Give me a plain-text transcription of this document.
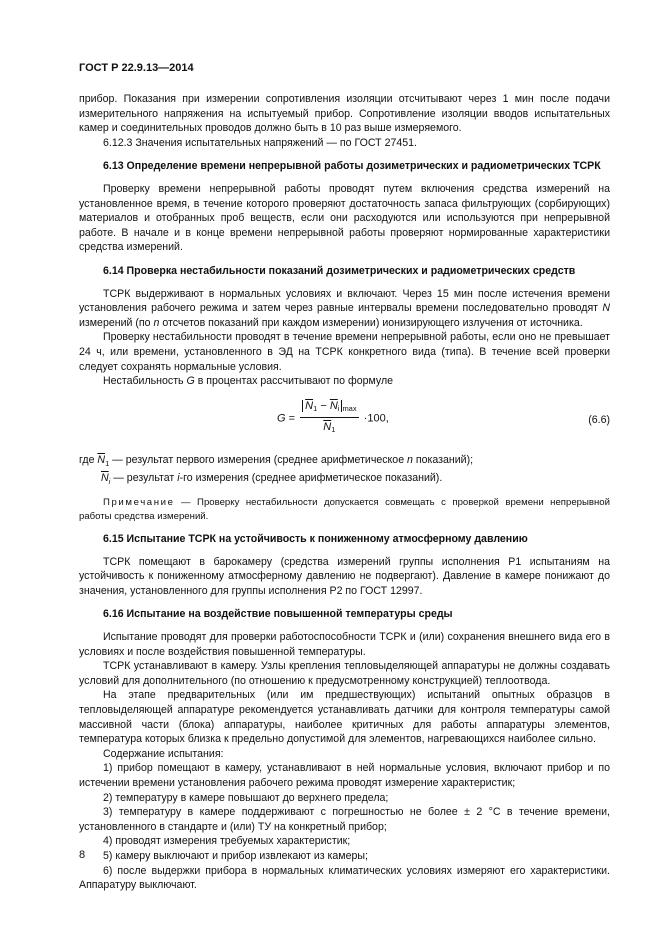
ГОСТ Р 22.9.13—2014

прибор. Показания при измерении сопротивления изоляции отсчитывают через 1 мин после подачи измерительного напряжения на испытуемый прибор. Сопротивление изоляции вводов испытательных камер и соединительных проводов должно быть в 10 раз выше измеряемого.

6.12.3 Значения испытательных напряжений — по ГОСТ 27451.

6.13 Определение времени непрерывной работы дозиметрических и радиометрических ТСРК

Проверку времени непрерывной работы проводят путем включения средства измерений на установленное время, в течение которого проверяют достаточность запаса фильтрующих (сорбирующих) материалов и отобранных проб веществ, если они расходуются или используются при непрерывной работе. В начале и в конце времени непрерывной работы проверяют нормированные характеристики средства измерений.

6.14 Проверка нестабильности показаний дозиметрических и радиометрических средств

ТСРК выдерживают в нормальных условиях и включают. Через 15 мин после истечения времени установления рабочего режима и затем через равные интервалы времени последовательно проводят N измерений (по n отсчетов показаний при каждом измерении) ионизирующего излучения от источника.

Проверку нестабильности проводят в течение времени непрерывной работы, если оно не превышает 24 ч, или времени, установленного в ЭД на ТСРК конкретного вида (типа). В течение всей проверки следует сохранять нормальные условия.

Нестабильность G в процентах рассчитывают по формуле

$G = \frac{\overline{N}_1 - \overline{N}_i _{max}}{\overline{N}_1} \cdot 100$,	(6.6)

где $\overline{N}_1$ — результат первого измерения (среднее арифметическое n показаний);

$\overline{N}_i$ — результат i-го измерения (среднее арифметическое показаний).

Примечание — Проверку нестабильности допускается совмещать с проверкой времени непрерывной работы средства измерений.

6.15 Испытание ТСРК на устойчивость к пониженному атмосферному давлению

ТСРК помещают в барокамеру (средства измерений группы исполнения Р1 испытаниям на устойчивость к пониженному атмосферному давлению не подвергают). Давление в камере понижают до значения, установленного для группы исполнения Р2 по ГОСТ 12997.

6.16 Испытание на воздействие повышенной температуры среды

Испытание проводят для проверки работоспособности ТСРК и (или) сохранения внешнего вида его в условиях и после воздействия повышенной температуры.

ТСРК устанавливают в камеру. Узлы крепления тепловыделяющей аппаратуры не должны создавать условий для дополнительного (по отношению к предусмотренному конструкцией) теплоотвода.

На этапе предварительных (или им предшествующих) испытаний опытных образцов в тепловыделяющей аппаратуре рекомендуется устанавливать датчики для контроля температуры самой массивной части (блока) аппаратуры, наиболее критичных для работы аппаратуры элементов, температура которых близка к предельно допустимой для элементов, нагревающихся наиболее сильно.

Содержание испытания:

1) прибор помещают в камеру, устанавливают в ней нормальные условия, включают прибор и по истечении времени установления рабочего режима проводят измерение характеристик;

2) температуру в камере повышают до верхнего предела;

3) температуру в камере поддерживают с погрешностью не более ± 2 °С в течение времени, установленного в стандарте и (или) ТУ на конкретный прибор;

4) проводят измерения требуемых характеристик;

5) камеру выключают и прибор извлекают из камеры;

6) после выдержки прибора в нормальных климатических условиях измеряют его характеристики. Аппаратуру выключают.

8
